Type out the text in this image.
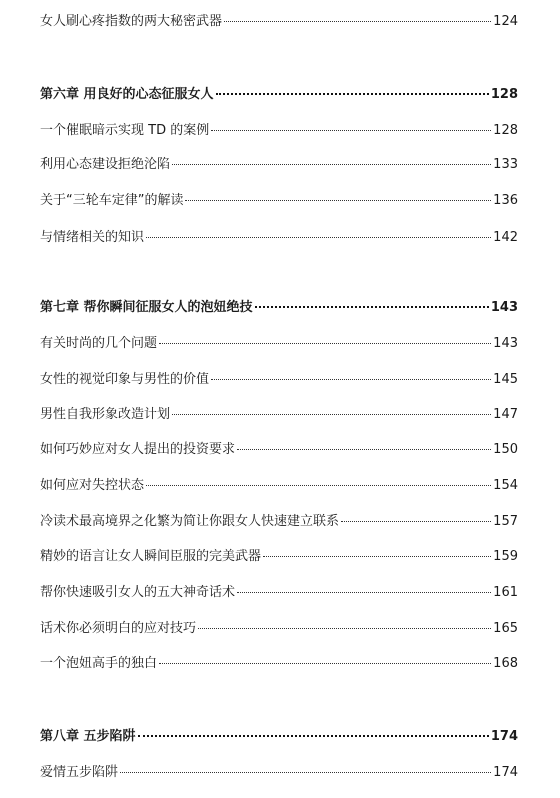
女人刷心疼指数的两大秘密武器	124
第六章 用良好的心态征服女人	128
一个催眠暗示实现 TD 的案例	128
利用心态建设拒绝沦陷	133
关于“三轮车定律”的解读	136
与情绪相关的知识	142
第七章 帮你瞬间征服女人的泡妞绝技	143
有关时尚的几个问题	143
女性的视觉印象与男性的价值	145
男性自我形象改造计划	147
如何巧妙应对女人提出的投资要求	150
如何应对失控状态	154
冷读术最高境界之化繁为简让你跟女人快速建立联系	157
精妙的语言让女人瞬间臣服的完美武器	159
帮你快速吸引女人的五大神奇话术	161
话术你必须明白的应对技巧	165
一个泡妞高手的独白	168
第八章 五步陷阱	174
爱情五步陷阱	174
